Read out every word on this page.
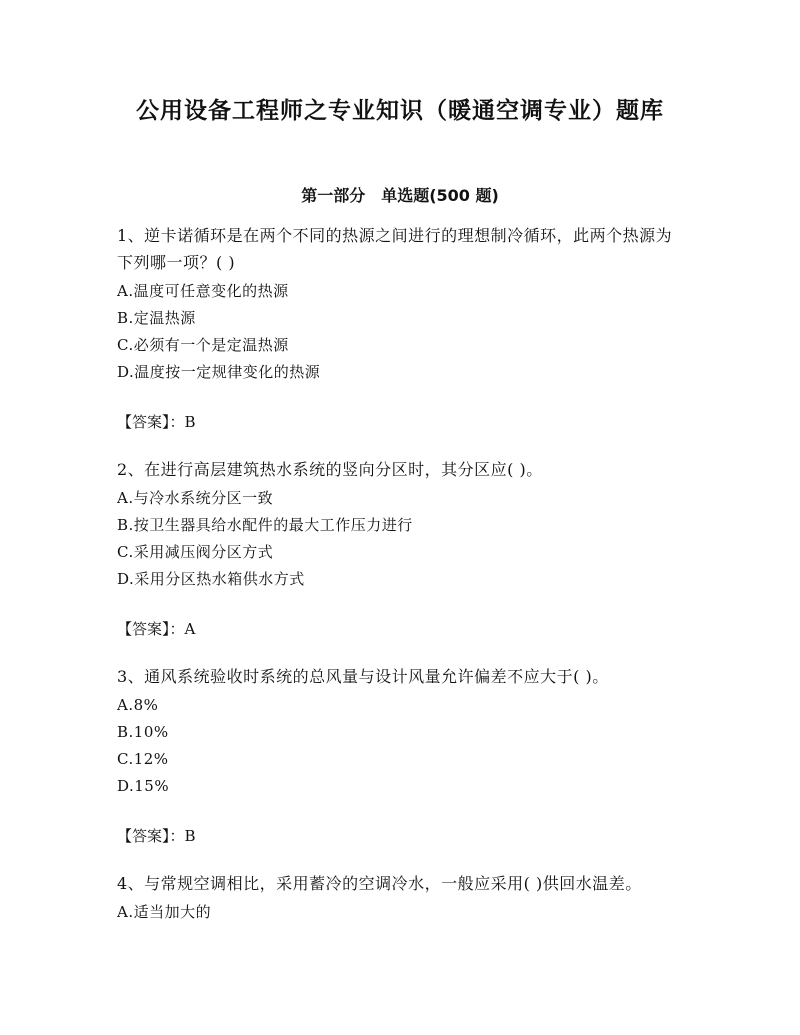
公用设备工程师之专业知识（暖通空调专业）题库
第一部分　单选题(500 题)

1、逆卡诺循环是在两个不同的热源之间进行的理想制冷循环，此两个热源为下列哪一项？( )

A.温度可任意变化的热源

B.定温热源

C.必须有一个是定温热源

D.温度按一定规律变化的热源

【答案】：B

2、在进行高层建筑热水系统的竖向分区时，其分区应( )。

A.与冷水系统分区一致

B.按卫生器具给水配件的最大工作压力进行

C.采用减压阀分区方式

D.采用分区热水箱供水方式

【答案】：A

3、通风系统验收时系统的总风量与设计风量允许偏差不应大于( )。

A.8%

B.10%

C.12%

D.15%

【答案】：B

4、与常规空调相比，采用蓄冷的空调冷水，一般应采用( )供回水温差。

A.适当加大的
